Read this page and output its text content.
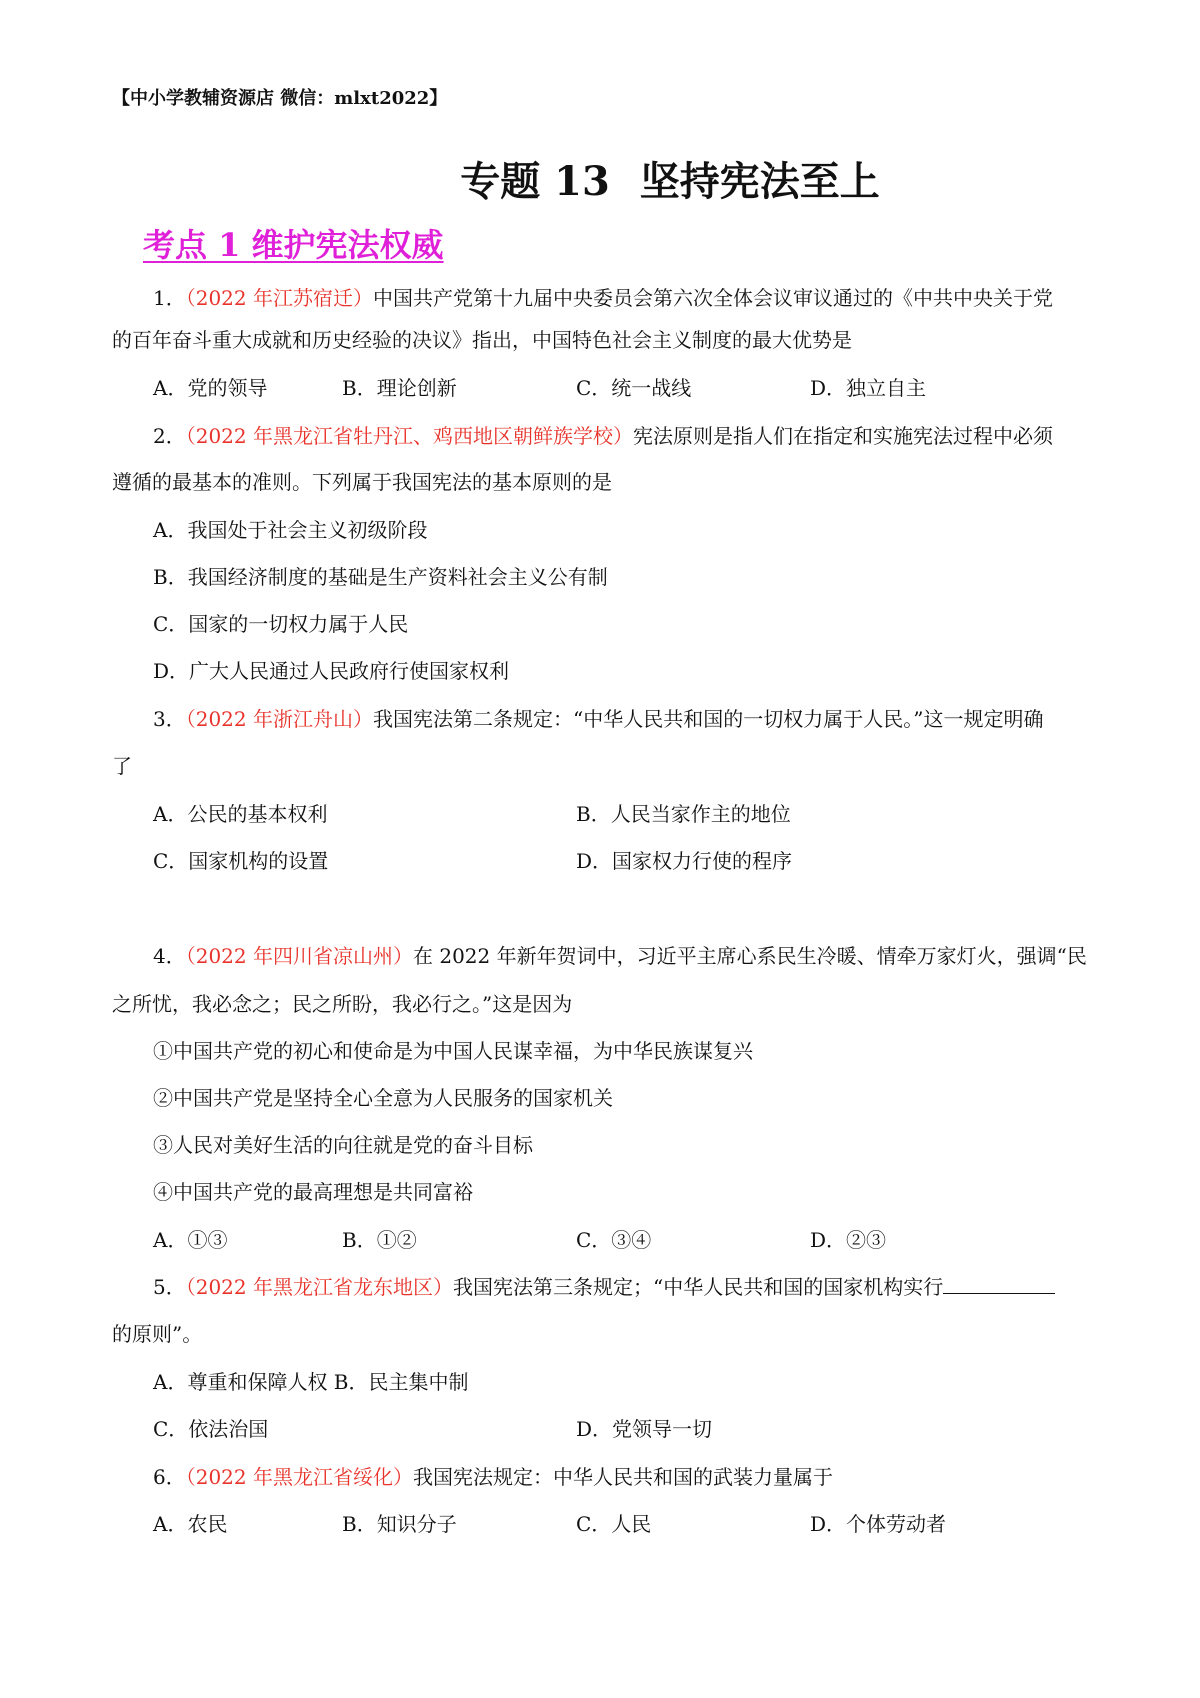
【中小学教辅资源店 微信：mlxt2022】
专题 13 坚持宪法至上
考点 1 维护宪法权威
1．（2022 年江苏宿迁）中国共产党第十九届中央委员会第六次全体会议审议通过的《中共中央关于党
的百年奋斗重大成就和历史经验的决议》指出，中国特色社会主义制度的最大优势是
A．党的领导	B．理论创新	C．统一战线	D．独立自主
2．（2022 年黑龙江省牡丹江、鸡西地区朝鲜族学校）宪法原则是指人们在指定和实施宪法过程中必须
遵循的最基本的准则。下列属于我国宪法的基本原则的是
A．我国处于社会主义初级阶段
B．我国经济制度的基础是生产资料社会主义公有制
C．国家的一切权力属于人民
D．广大人民通过人民政府行使国家权利
3．（2022 年浙江舟山）我国宪法第二条规定：“中华人民共和国的一切权力属于人民。”这一规定明确
了
A．公民的基本权利	B．人民当家作主的地位
C．国家机构的设置	D．国家权力行使的程序
4．（2022 年四川省凉山州）在 2022 年新年贺词中，习近平主席心系民生冷暖、情牵万家灯火，强调“民
之所忧，我必念之；民之所盼，我必行之。”这是因为
①中国共产党的初心和使命是为中国人民谋幸福，为中华民族谋复兴
②中国共产党是坚持全心全意为人民服务的国家机关
③人民对美好生活的向往就是党的奋斗目标
④中国共产党的最高理想是共同富裕
A．①③	B．①②	C．③④	D．②③
5．（2022 年黑龙江省龙东地区）我国宪法第三条规定；“中华人民共和国的国家机构实行
的原则”。
A．尊重和保障人权 B．民主集中制
C．依法治国	D．党领导一切
6．（2022 年黑龙江省绥化）我国宪法规定：中华人民共和国的武装力量属于
A．农民	B．知识分子	C．人民	D．个体劳动者
